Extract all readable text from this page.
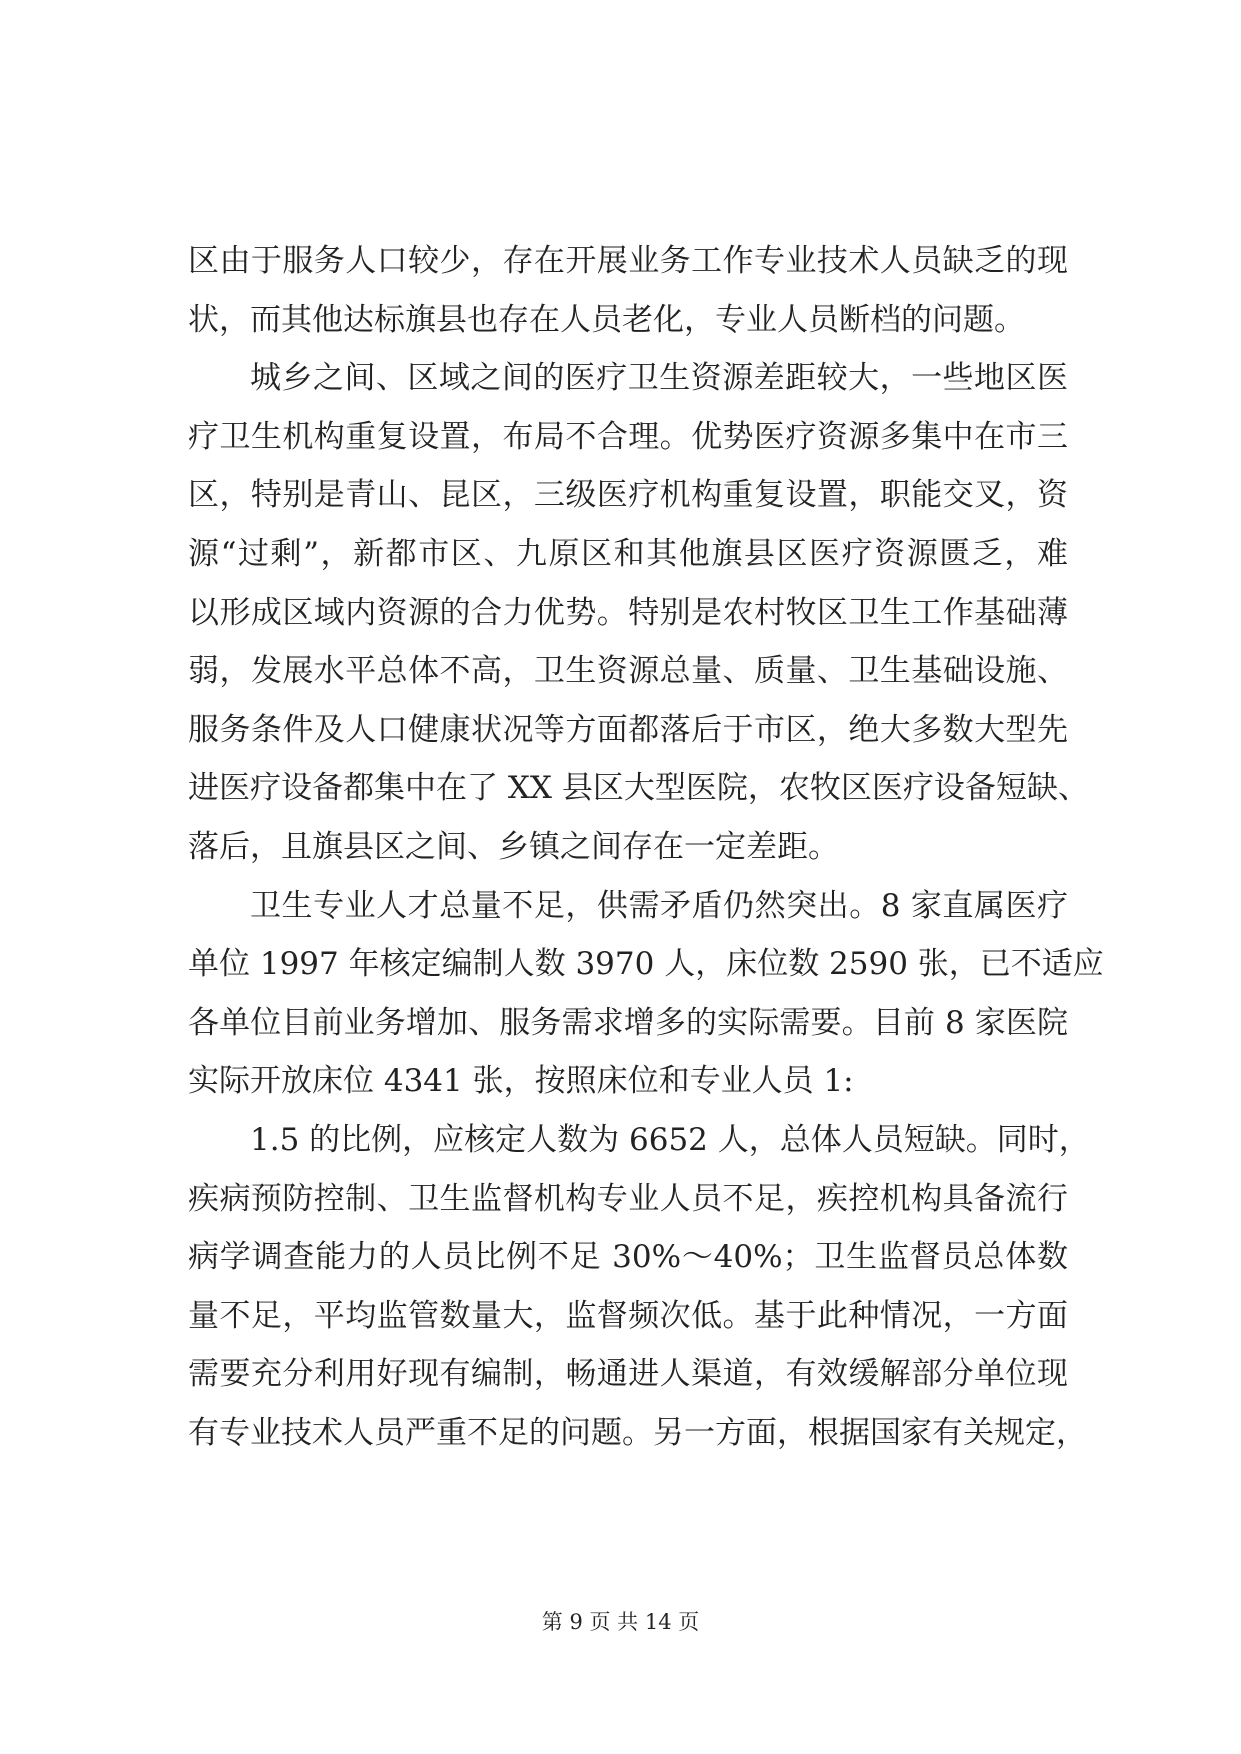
区由于服务人口较少，存在开展业务工作专业技术人员缺乏的现
状，而其他达标旗县也存在人员老化，专业人员断档的问题。
城乡之间、区域之间的医疗卫生资源差距较大，一些地区医
疗卫生机构重复设置，布局不合理。优势医疗资源多集中在市三
区，特别是青山、昆区，三级医疗机构重复设置，职能交叉，资
源“过剩”，新都市区、九原区和其他旗县区医疗资源匮乏，难
以形成区域内资源的合力优势。特别是农村牧区卫生工作基础薄
弱，发展水平总体不高，卫生资源总量、质量、卫生基础设施、
服务条件及人口健康状况等方面都落后于市区，绝大多数大型先
进医疗设备都集中在了 XX 县区大型医院，农牧区医疗设备短缺、
落后，且旗县区之间、乡镇之间存在一定差距。
卫生专业人才总量不足，供需矛盾仍然突出。8 家直属医疗
单位 1997 年核定编制人数 3970 人，床位数 2590 张，已不适应
各单位目前业务增加、服务需求增多的实际需要。目前 8 家医院
实际开放床位 4341 张，按照床位和专业人员 1:
1.5 的比例，应核定人数为 6652 人，总体人员短缺。同时，
疾病预防控制、卫生监督机构专业人员不足，疾控机构具备流行
病学调查能力的人员比例不足 30%～40%；卫生监督员总体数
量不足，平均监管数量大，监督频次低。基于此种情况，一方面
需要充分利用好现有编制，畅通进人渠道，有效缓解部分单位现
有专业技术人员严重不足的问题。另一方面，根据国家有关规定，
第 9 页 共 14 页
